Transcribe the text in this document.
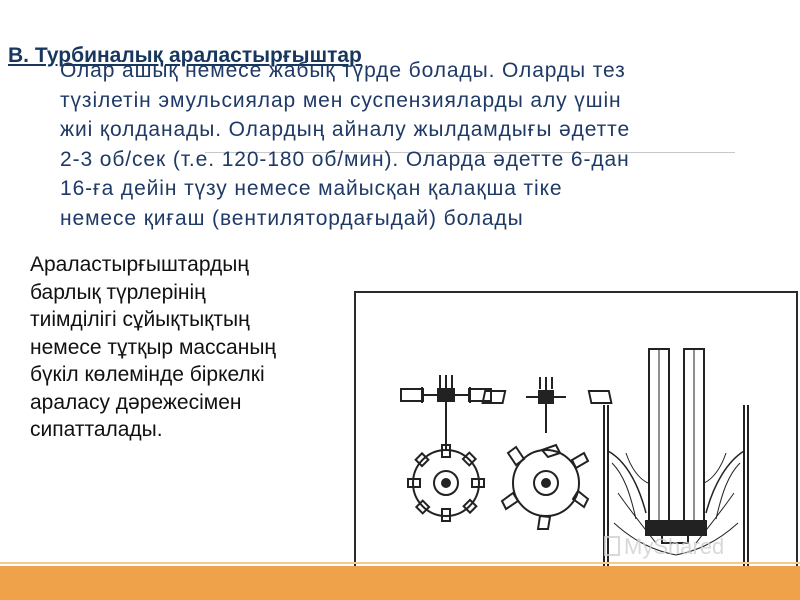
В. Турбиналық араластырғыштар
Олар ашық немесе жабық түрде болады. Оларды тез
түзілетін эмульсиялар мен суспензияларды алу үшін
жиі қолданады. Олардың айналу жылдамдығы әдетте
2-3 об/сек (т.е. 120-180 об/мин). Оларда әдетте 6-дан
16-ға дейін түзу немесе майысқан қалақша тіке
немесе қиғаш (вентилятордағыдай) болады
Араластырғыштардың
барлық түрлерінің
тиімділігі сұйықтықтың
немесе тұтқыр массаның
бүкіл көлемінде біркелкі
араласу дәрежесімен
сипатталады.
MyShared
